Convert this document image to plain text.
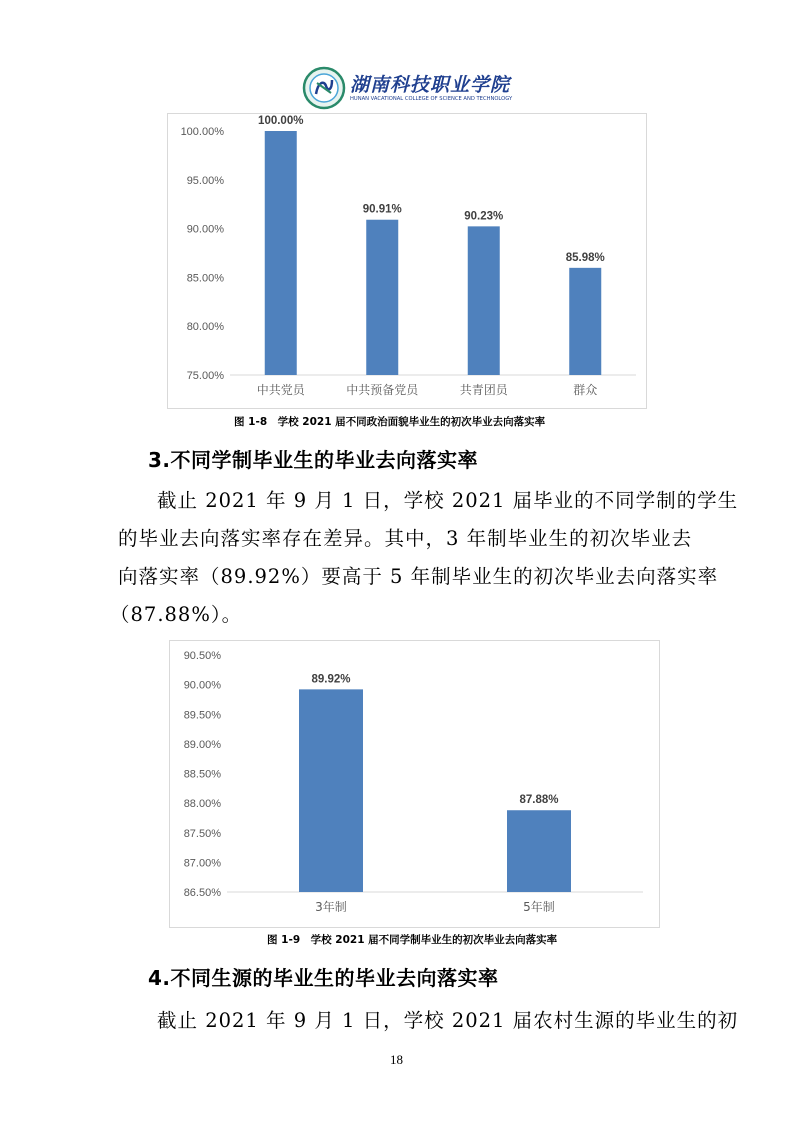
湖南科技职业学院
HUNAN VACATIONAL COLLEGE OF SCIENCE AND TECHNOLOGY
75.00%
80.00%
85.00%
90.00%
95.00%
100.00%
100.00%
中共党员
90.91%
中共预备党员
90.23%
共青团员
85.98%
群众
图 1-8　学校 2021 届不同政治面貌毕业生的初次毕业去向落实率
3.不同学制毕业生的毕业去向落实率
截止 2021 年 9 月 1 日，学校 2021 届毕业的不同学制的学生
的毕业去向落实率存在差异。其中，3 年制毕业生的初次毕业去
向落实率（89.92%）要高于 5 年制毕业生的初次毕业去向落实率
（87.88%）。
86.50%
87.00%
87.50%
88.00%
88.50%
89.00%
89.50%
90.00%
90.50%
89.92%
3年制
87.88%
5年制
图 1-9　学校 2021 届不同学制毕业生的初次毕业去向落实率
4.不同生源的毕业生的毕业去向落实率
截止 2021 年 9 月 1 日，学校 2021 届农村生源的毕业生的初
18
